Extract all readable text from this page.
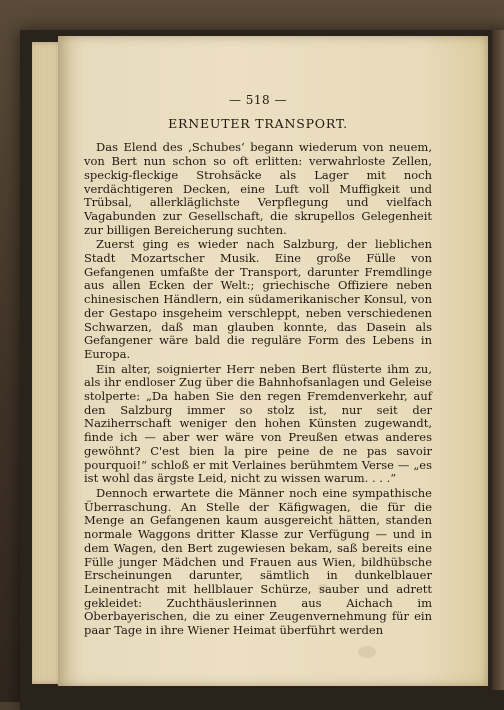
— 518 —
ERNEUTER TRANSPORT.

Das Elend des ‚Schubes‘ begann wiederum von neuem, von Bert nun schon so oft erlitten: verwahrloste Zellen, speckig-fleckige Strohsäcke als Lager mit noch verdächtigeren Decken, eine Luft voll Muffigkeit und Trübsal, allerkläglichste Verpflegung und vielfach Vagabunden zur Gesellschaft, die skrupellos Gelegenheit zur billigen Bereicherung suchten.

Zuerst ging es wieder nach Salzburg, der lieblichen Stadt Mozartscher Musik. Eine große Fülle von Gefangenen umfaßte der Transport, darunter Fremdlinge aus allen Ecken der Welt:; griechische Offiziere neben chinesischen Händlern, ein südamerikanischer Konsul, von der Gestapo insgeheim verschleppt, neben verschiedenen Schwarzen, daß man glauben konnte, das Dasein als Gefangener wäre bald die reguläre Form des Lebens in Europa.

Ein alter, soignierter Herr neben Bert flüsterte ihm zu, als ihr endloser Zug über die Bahnhofsanlagen und Geleise stolperte: „Da haben Sie den regen Fremdenverkehr, auf den Salzburg immer so stolz ist, nur seit der Naziherrschaft weniger den hohen Künsten zugewandt, finde ich — aber wer wäre von Preußen etwas anderes gewöhnt? C'est bien la pire peine de ne pas savoir pourquoi!“ schloß er mit Verlaines berühmtem Verse — „es ist wohl das ärgste Leid, nicht zu wissen warum. . . .“

Dennoch erwartete die Männer noch eine sympathische Überraschung. An Stelle der Käfigwagen, die für die Menge an Gefangenen kaum ausgereicht hätten, standen normale Waggons dritter Klasse zur Verfügung — und in dem Wagen, den Bert zugewiesen bekam, saß bereits eine Fülle junger Mädchen und Frauen aus Wien, bildhübsche Erscheinungen darunter, sämtlich in dunkelblauer Leinentracht mit hellblauer Schürze, sauber und adrett gekleidet: Zuchthäuslerinnen aus Aichach im Oberbayerischen, die zu einer Zeugenvernehmung für ein paar Tage in ihre Wiener Heimat überführt werden
